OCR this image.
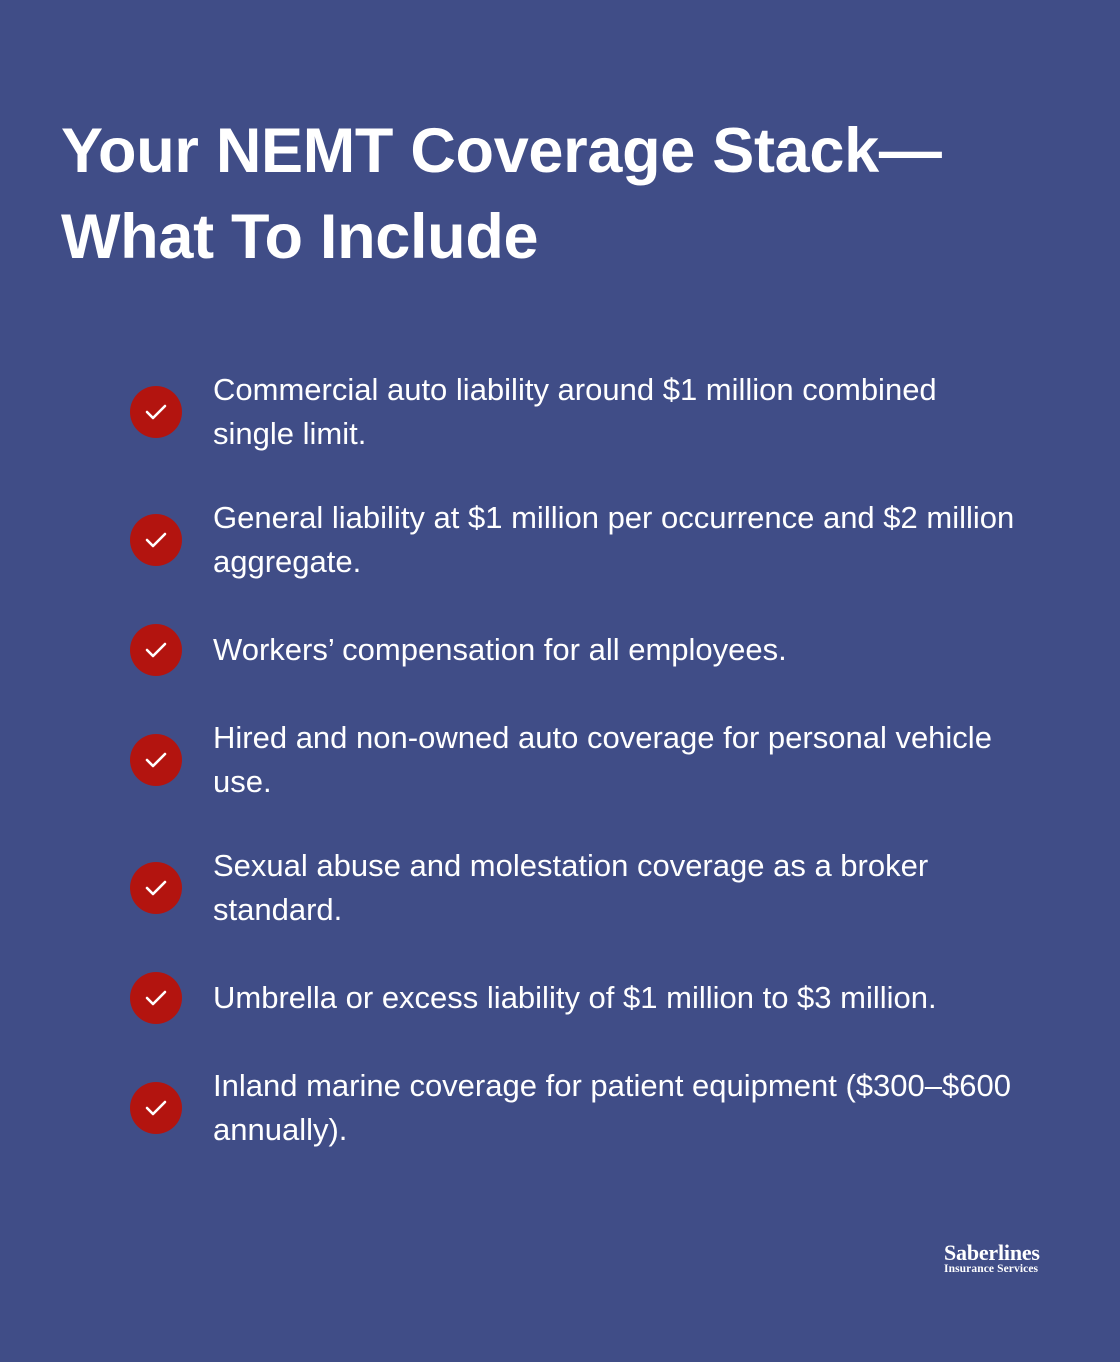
Your NEMT Coverage Stack—
What To Include
Commercial auto liability around $1 million combined single limit.
General liability at $1 million per occurrence and $2 million aggregate.
Workers’ compensation for all employees.
Hired and non-owned auto coverage for personal vehicle use.
Sexual abuse and molestation coverage as a broker standard.
Umbrella or excess liability of $1 million to $3 million.
Inland marine coverage for patient equipment ($300–$600 annually).
Saberlines
Insurance Services
